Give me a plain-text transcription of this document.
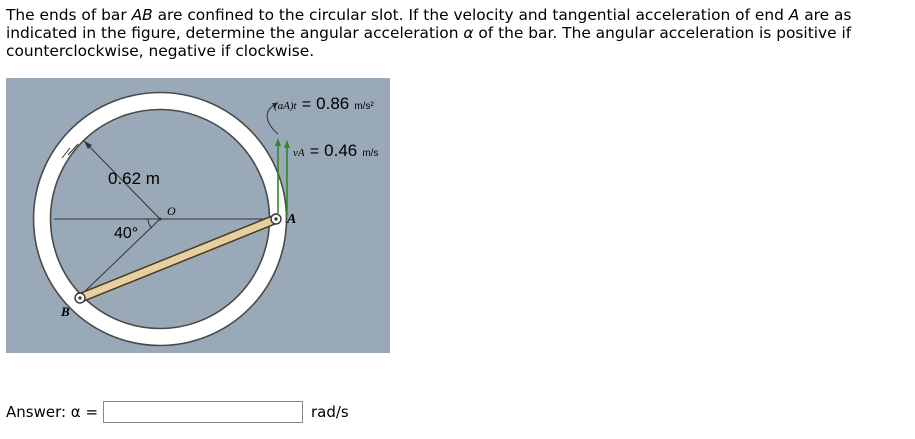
The ends of bar AB are confined to the circular slot. If the velocity and tangential acceleration of end A are as indicated in the figure, determine the angular acceleration α of the bar. The angular acceleration is positive if counterclockwise, negative if clockwise.
0.62 m
O
40°
A
B
(aA)t = 0.86 m/s²
vA = 0.46 m/s
Answer: α =	rad/s
